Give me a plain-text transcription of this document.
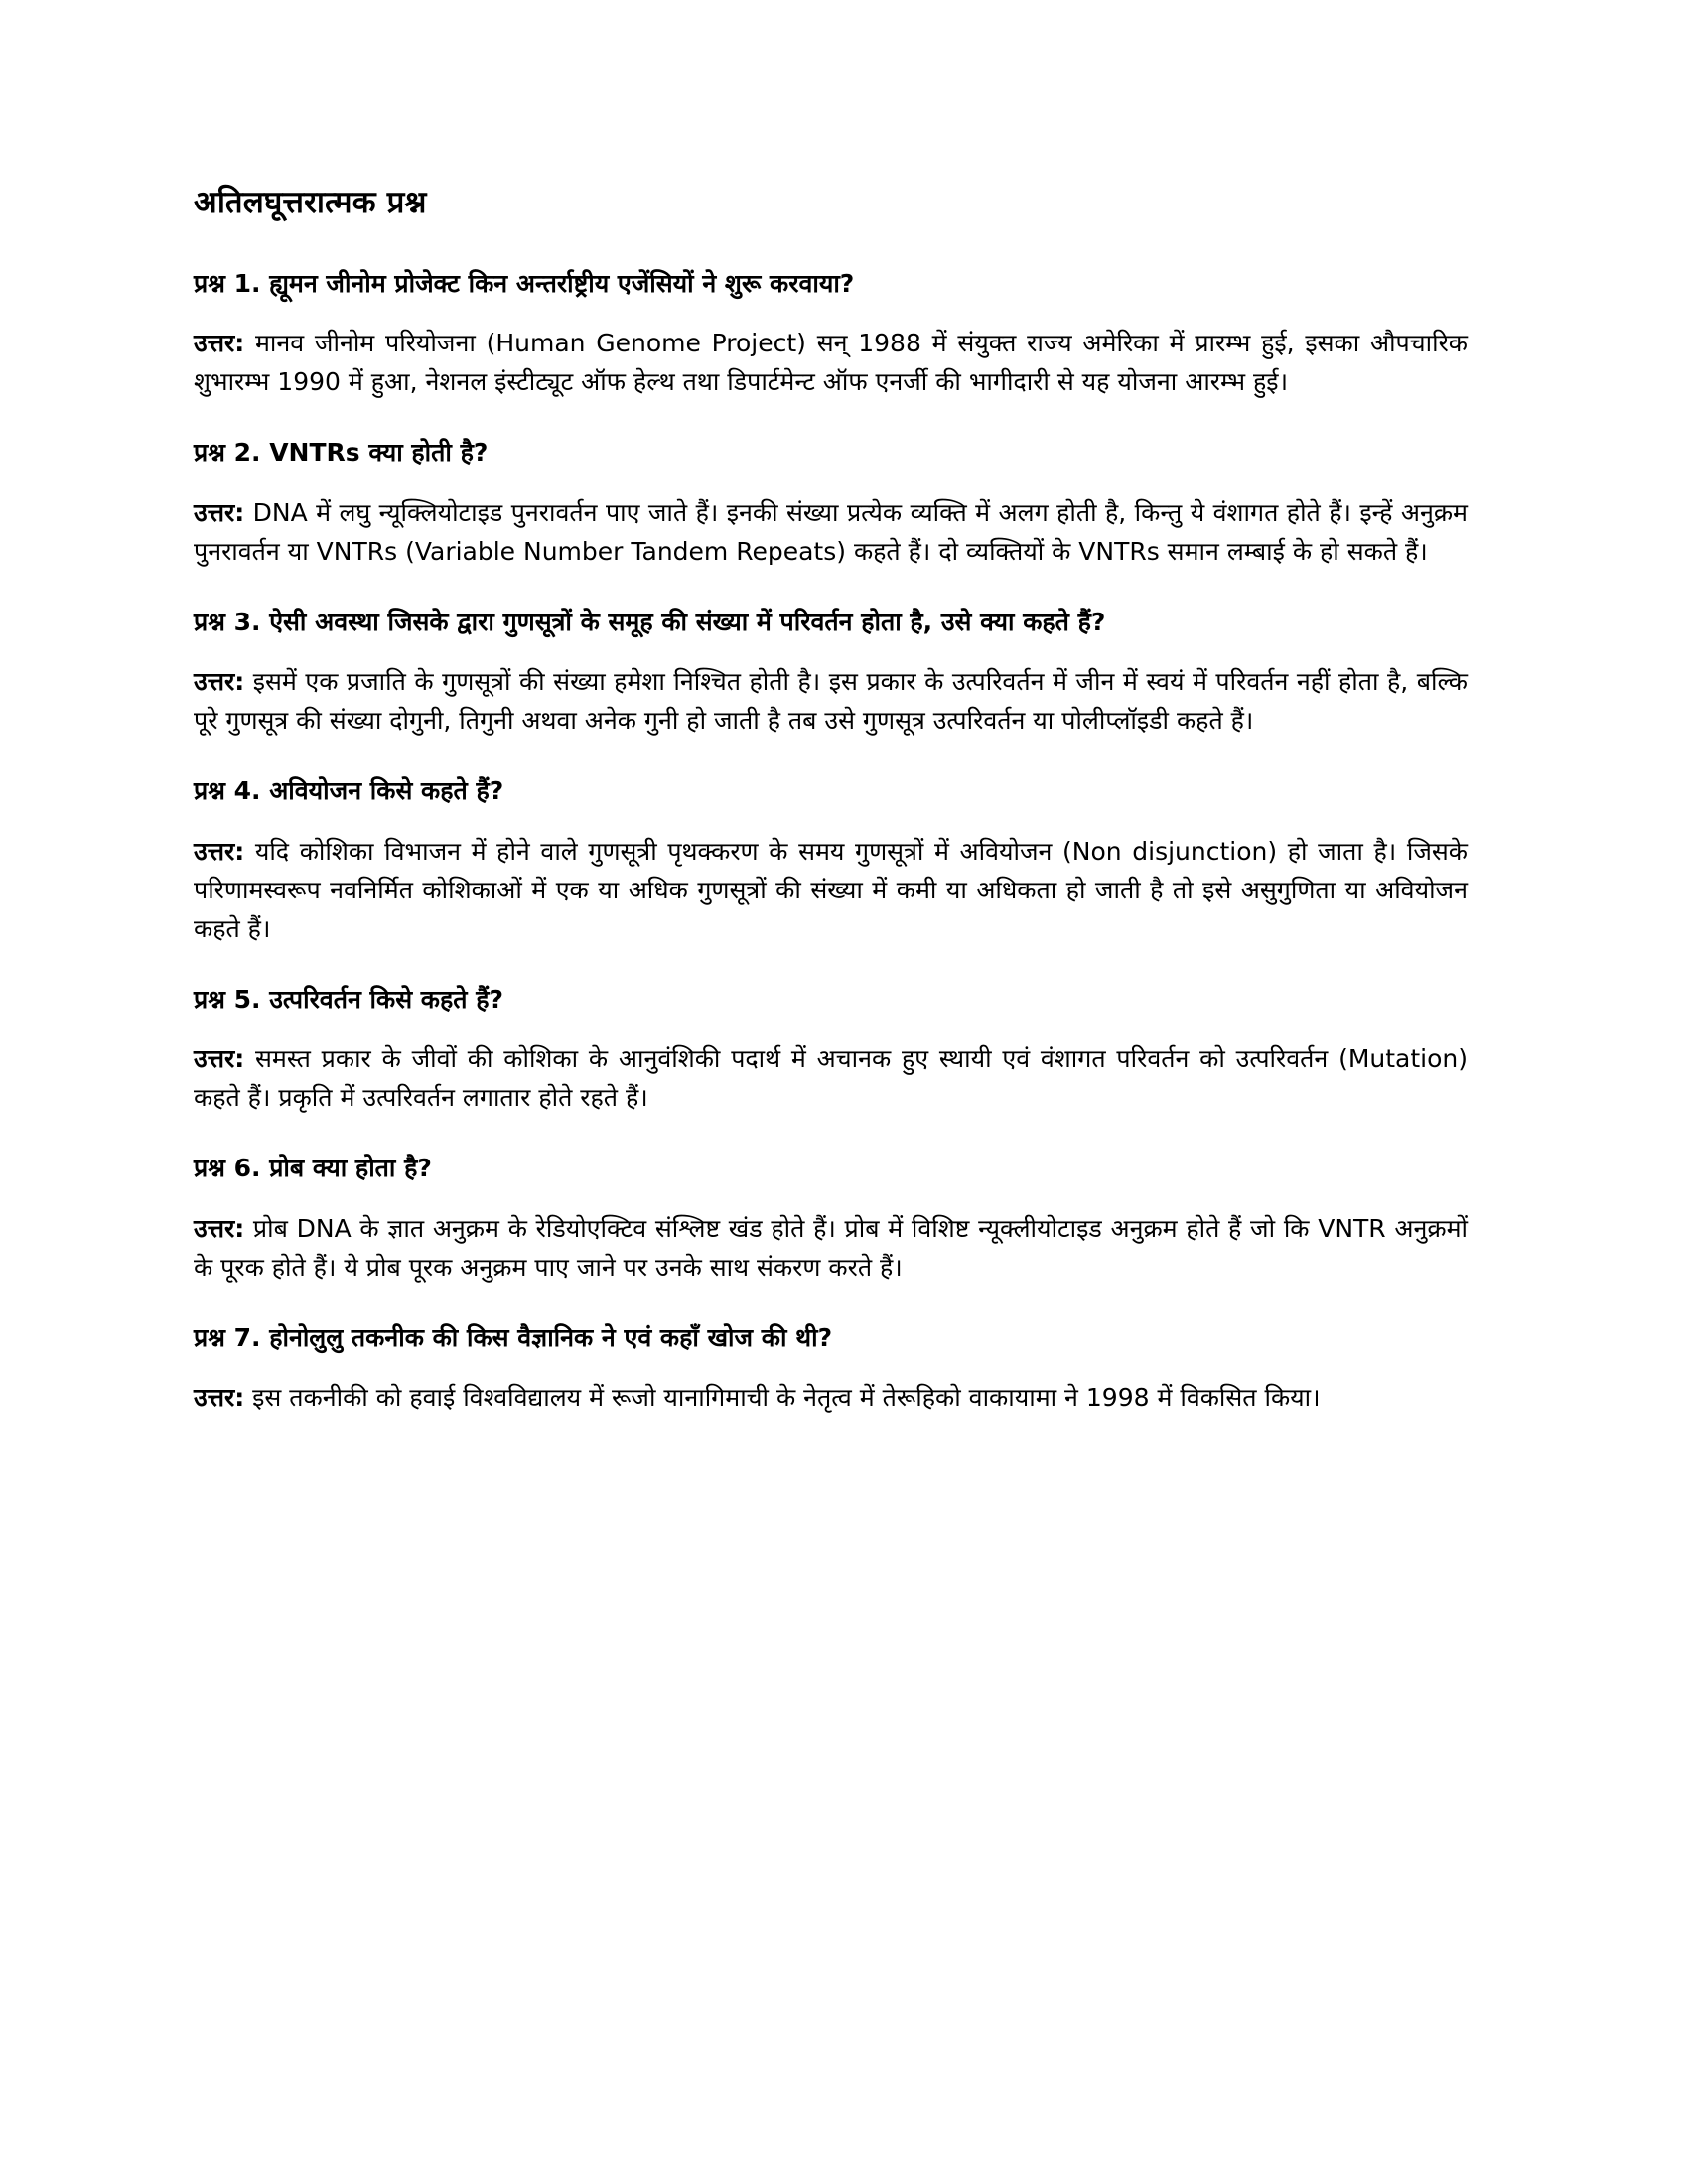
अतिलघूत्तरात्मक प्रश्न

प्रश्न 1. ह्यूमन जीनोम प्रोजेक्ट किन अन्तर्राष्ट्रीय एजेंसियों ने शुरू करवाया?

उत्तर: मानव जीनोम परियोजना (Human Genome Project) सन् 1988 में संयुक्त राज्य अमेरिका में प्रारम्भ हुई, इसका औपचारिक शुभारम्भ 1990 में हुआ, नेशनल इंस्टीट्यूट ऑफ हेल्थ तथा डिपार्टमेन्ट ऑफ एनर्जी की भागीदारी से यह योजना आरम्भ हुई।

प्रश्न 2. VNTRs क्या होती है?

उत्तर: DNA में लघु न्यूक्लियोटाइड पुनरावर्तन पाए जाते हैं। इनकी संख्या प्रत्येक व्यक्ति में अलग होती है, किन्तु ये वंशागत होते हैं। इन्हें अनुक्रम पुनरावर्तन या VNTRs (Variable Number Tandem Repeats) कहते हैं। दो व्यक्तियों के VNTRs समान लम्बाई के हो सकते हैं।

प्रश्न 3. ऐसी अवस्था जिसके द्वारा गुणसूत्रों के समूह की संख्या में परिवर्तन होता है, उसे क्या कहते हैं?

उत्तर: इसमें एक प्रजाति के गुणसूत्रों की संख्या हमेशा निश्चित होती है। इस प्रकार के उत्परिवर्तन में जीन में स्वयं में परिवर्तन नहीं होता है, बल्कि पूरे गुणसूत्र की संख्या दोगुनी, तिगुनी अथवा अनेक गुनी हो जाती है तब उसे गुणसूत्र उत्परिवर्तन या पोलीप्लॉइडी कहते हैं।

प्रश्न 4. अवियोजन किसे कहते हैं?

उत्तर: यदि कोशिका विभाजन में होने वाले गुणसूत्री पृथक्करण के समय गुणसूत्रों में अवियोजन (Non disjunction) हो जाता है। जिसके परिणामस्वरूप नवनिर्मित कोशिकाओं में एक या अधिक गुणसूत्रों की संख्या में कमी या अधिकता हो जाती है तो इसे असुगुणिता या अवियोजन कहते हैं।

प्रश्न 5. उत्परिवर्तन किसे कहते हैं?

उत्तर: समस्त प्रकार के जीवों की कोशिका के आनुवंशिकी पदार्थ में अचानक हुए स्थायी एवं वंशागत परिवर्तन को उत्परिवर्तन (Mutation) कहते हैं। प्रकृति में उत्परिवर्तन लगातार होते रहते हैं।

प्रश्न 6. प्रोब क्या होता है?

उत्तर: प्रोब DNA के ज्ञात अनुक्रम के रेडियोएक्टिव संश्लिष्ट खंड होते हैं। प्रोब में विशिष्ट न्यूक्लीयोटाइड अनुक्रम होते हैं जो कि VNTR अनुक्रमों के पूरक होते हैं। ये प्रोब पूरक अनुक्रम पाए जाने पर उनके साथ संकरण करते हैं।

प्रश्न 7. होनोलुलु तकनीक की किस वैज्ञानिक ने एवं कहाँ खोज की थी?

उत्तर: इस तकनीकी को हवाई विश्वविद्यालय में रूजो यानागिमाची के नेतृत्व में तेरूहिको वाकायामा ने 1998 में विकसित किया।
